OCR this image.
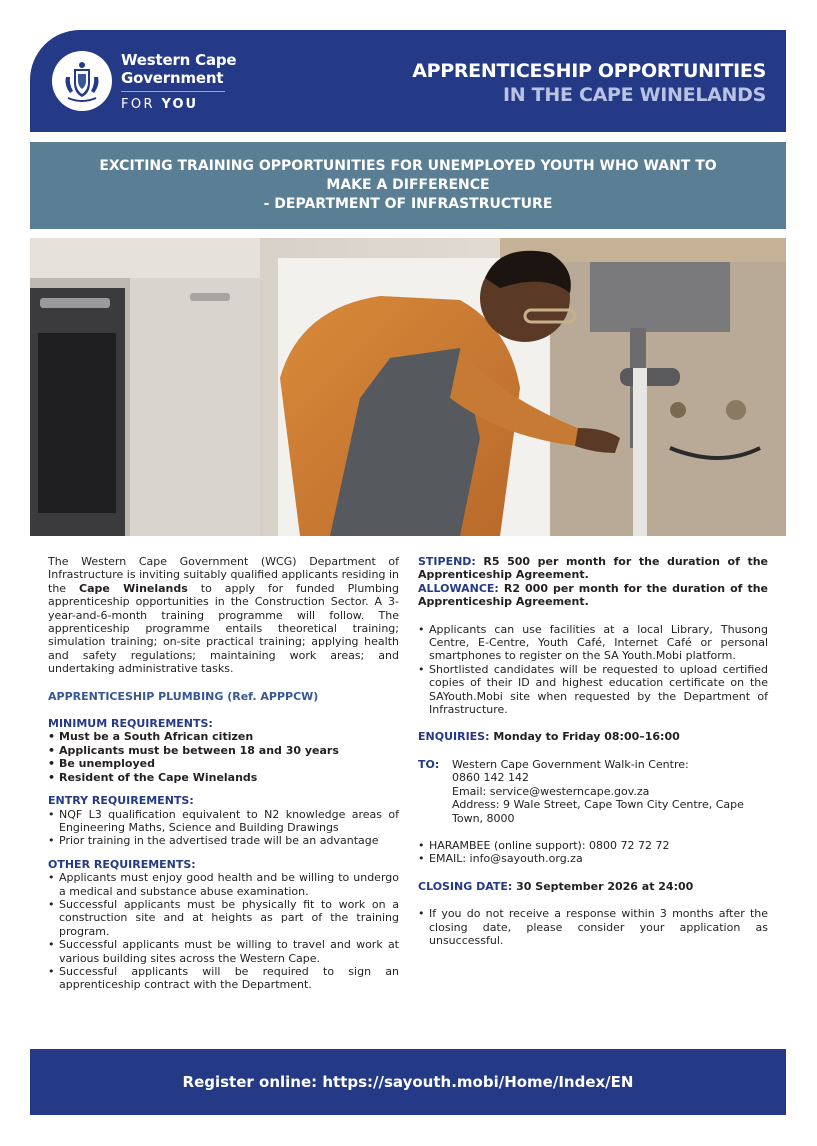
Western Cape
Government
FOR YOU
APPRENTICESHIP OPPORTUNITIES
IN THE CAPE WINELANDS
EXCITING TRAINING OPPORTUNITIES FOR UNEMPLOYED YOUTH WHO WANT TO
MAKE A DIFFERENCE
- DEPARTMENT OF INFRASTRUCTURE

The Western Cape Government (WCG) Department of Infrastructure is inviting suitably qualified applicants residing in the Cape Winelands to apply for funded Plumbing apprenticeship opportunities in the Construction Sector. A 3-year-and-6-month training programme will follow. The apprenticeship programme entails theoretical training; simulation training; on-site practical training; applying health and safety regulations; maintaining work areas; and undertaking administrative tasks.

APPRENTICESHIP PLUMBING (Ref. APPPCW)

MINIMUM REQUIREMENTS:

• Must be a South African citizen
• Applicants must be between 18 and 30 years
• Be unemployed
• Resident of the Cape Winelands

ENTRY REQUIREMENTS:

• NQF L3 qualification equivalent to N2 knowledge areas of Engineering Maths, Science and Building Drawings
• Prior training in the advertised trade will be an advantage

OTHER REQUIREMENTS:

• Applicants must enjoy good health and be willing to undergo a medical and substance abuse examination.
• Successful applicants must be physically fit to work on a construction site and at heights as part of the training program.
• Successful applicants must be willing to travel and work at various building sites across the Western Cape.
• Successful applicants will be required to sign an apprenticeship contract with the Department.

STIPEND: R5 500 per month for the duration of the Apprenticeship Agreement.

ALLOWANCE: R2 000 per month for the duration of the Apprenticeship Agreement.

• Applicants can use facilities at a local Library, Thusong Centre, E-Centre, Youth Café, Internet Café or personal smartphones to register on the SA Youth.Mobi platform.
• Shortlisted candidates will be requested to upload certified copies of their ID and highest education certificate on the SAYouth.Mobi site when requested by the Department of Infrastructure.

ENQUIRIES: Monday to Friday 08:00–16:00

TO:	Western Cape Government Walk-in Centre:
0860 142 142
Email: service@westerncape.gov.za
Address: 9 Wale Street, Cape Town City Centre, Cape Town, 8000
• HARAMBEE (online support): 0800 72 72 72
• EMAIL: info@sayouth.org.za

CLOSING DATE: 30 September 2026 at 24:00

• If you do not receive a response within 3 months after the closing date, please consider your application as unsuccessful.
Register online: https://sayouth.mobi/Home/Index/EN
